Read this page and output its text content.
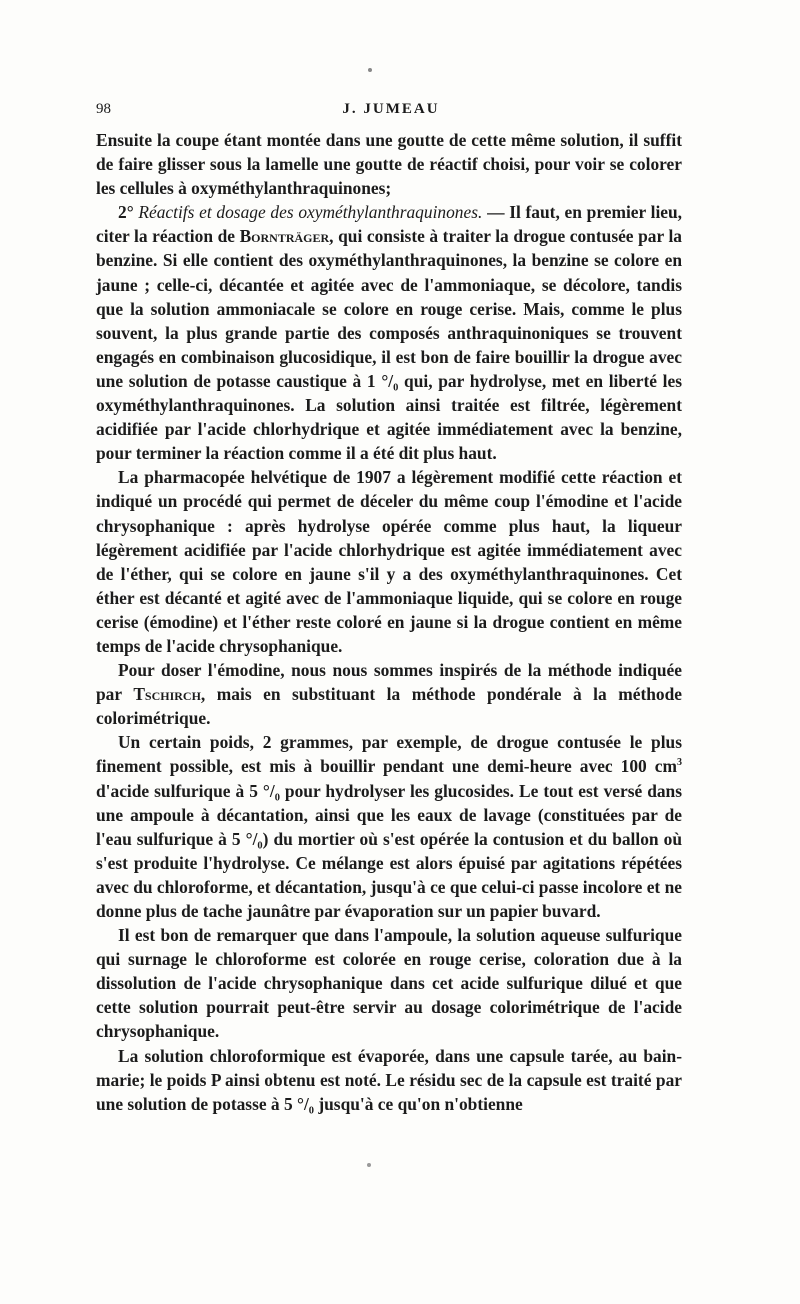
98	J. JUMEAU

Ensuite la coupe étant montée dans une goutte de cette même solution, il suffit de faire glisser sous la lamelle une goutte de réactif choisi, pour voir se colorer les cellules à oxyméthylanthraquinones;

2° Réactifs et dosage des oxyméthylanthraquinones. — Il faut, en premier lieu, citer la réaction de Bornträger, qui consiste à traiter la drogue contusée par la benzine. Si elle contient des oxyméthylanthraquinones, la benzine se colore en jaune ; celle-ci, décantée et agitée avec de l'ammoniaque, se décolore, tandis que la solution ammoniacale se colore en rouge cerise. Mais, comme le plus souvent, la plus grande partie des composés anthraquinoniques se trouvent engagés en combinaison glucosidique, il est bon de faire bouillir la drogue avec une solution de potasse caustique à 1 °/₀ qui, par hydrolyse, met en liberté les oxyméthylanthraquinones. La solution ainsi traitée est filtrée, légèrement acidifiée par l'acide chlorhydrique et agitée immédiatement avec la benzine, pour terminer la réaction comme il a été dit plus haut.

La pharmacopée helvétique de 1907 a légèrement modifié cette réaction et indiqué un procédé qui permet de déceler du même coup l'émodine et l'acide chrysophanique : après hydrolyse opérée comme plus haut, la liqueur légèrement acidifiée par l'acide chlorhydrique est agitée immédiatement avec de l'éther, qui se colore en jaune s'il y a des oxyméthylanthraquinones. Cet éther est décanté et agité avec de l'ammoniaque liquide, qui se colore en rouge cerise (émodine) et l'éther reste coloré en jaune si la drogue contient en même temps de l'acide chrysophanique.

Pour doser l'émodine, nous nous sommes inspirés de la méthode indiquée par Tschirch, mais en substituant la méthode pondérale à la méthode colorimétrique.

Un certain poids, 2 grammes, par exemple, de drogue contusée le plus finement possible, est mis à bouillir pendant une demi-heure avec 100 $cm^3$ d'acide sulfurique à 5 °/₀ pour hydrolyser les glucosides. Le tout est versé dans une ampoule à décantation, ainsi que les eaux de lavage (constituées par de l'eau sulfurique à 5 °/₀) du mortier où s'est opérée la contusion et du ballon où s'est produite l'hydrolyse. Ce mélange est alors épuisé par agitations répétées avec du chloroforme, et décantation, jusqu'à ce que celui-ci passe incolore et ne donne plus de tache jaunâtre par évaporation sur un papier buvard.

Il est bon de remarquer que dans l'ampoule, la solution aqueuse sulfurique qui surnage le chloroforme est colorée en rouge cerise, coloration due à la dissolution de l'acide chrysophanique dans cet acide sulfurique dilué et que cette solution pourrait peut-être servir au dosage colorimétrique de l'acide chrysophanique.

La solution chloroformique est évaporée, dans une capsule tarée, au bain-marie; le poids P ainsi obtenu est noté. Le résidu sec de la capsule est traité par une solution de potasse à 5 °/₀ jusqu'à ce qu'on n'obtienne
